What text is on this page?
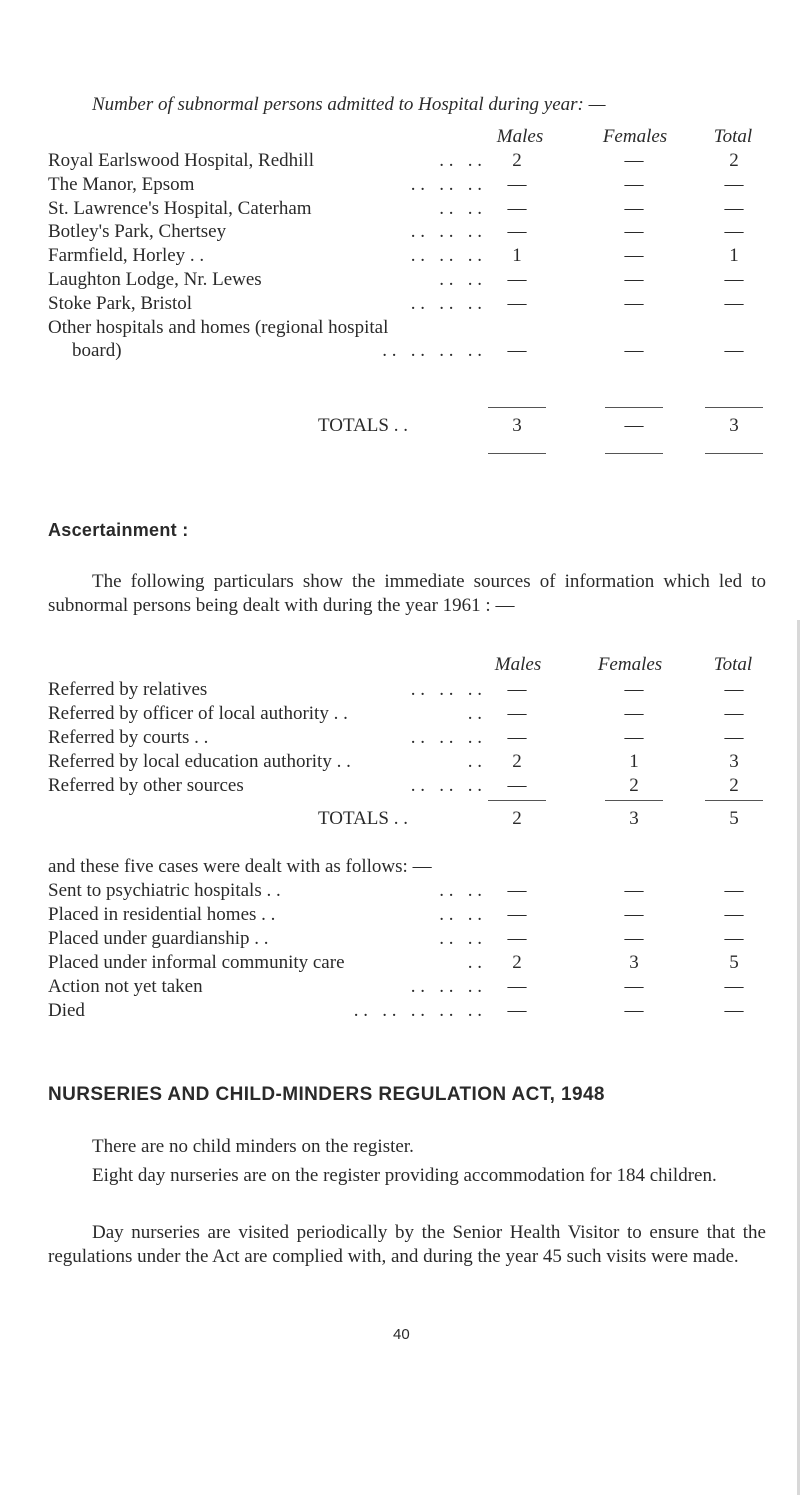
Number of subnormal persons admitted to Hospital during year: —
Males	Females	Total
Royal Earlswood Hospital, Redhill	. .   . .	2	—	2
The Manor, Epsom	. .   . .   . .	—	—	—
St. Lawrence's Hospital, Caterham	. .   . .	—	—	—
Botley's Park, Chertsey	. .   . .   . .	—	—	—
Farmfield, Horley . .	. .   . .   . .	1	—	1
Laughton Lodge, Nr. Lewes	. .   . .	—	—	—
Stoke Park, Bristol	. .   . .   . .	—	—	—
Other hospitals and homes (regional hospital
board)	. .   . .   . .   . .	—	—	—
TOTALS . .	3	—	3
Ascertainment :
The following particulars show the immediate sources of information which led to subnormal persons being dealt with during the year 1961 : —
Males	Females	Total
Referred by relatives	. .   . .   . .	—	—	—
Referred by officer of local authority . .	. .	—	—	—
Referred by courts . .	. .   . .   . .	—	—	—
Referred by local education authority . .	. .	2	1	3
Referred by other sources	. .   . .   . .	—	2	2
TOTALS . .	2	3	5
and these five cases were dealt with as follows: —
Sent to psychiatric hospitals . .	. .   . .	—	—	—
Placed in residential homes . .	. .   . .	—	—	—
Placed under guardianship . .	. .   . .	—	—	—
Placed under informal community care	. .	2	3	5
Action not yet taken	. .   . .   . .	—	—	—
Died	. .   . .   . .   . .   . .	—	—	—
NURSERIES AND CHILD-MINDERS REGULATION ACT, 1948
There are no child minders on the register.
Eight day nurseries are on the register providing accommodation for 184 children.
Day nurseries are visited periodically by the Senior Health Visitor to ensure that the regulations under the Act are complied with, and during the year 45 such visits were made.
40
